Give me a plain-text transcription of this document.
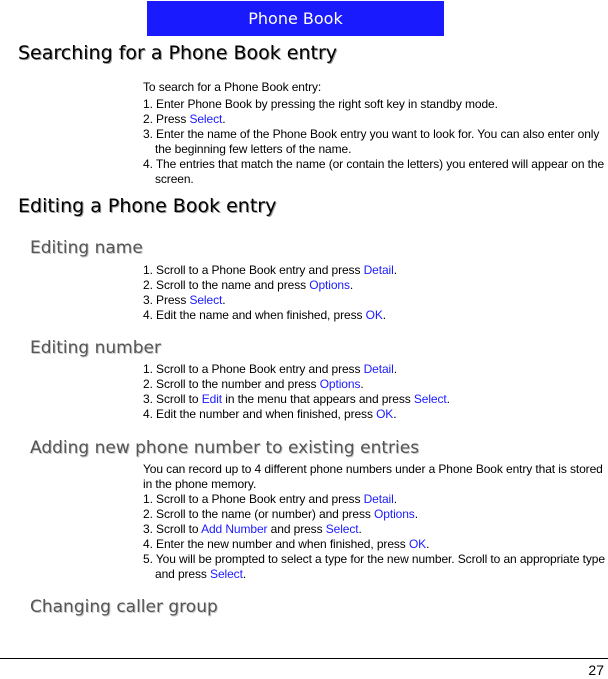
Phone Book
Searching for a Phone Book entry

To search for a Phone Book entry:

1. Enter Phone Book by pressing the right soft key in standby mode.

2. Press Select.

3. Enter the name of the Phone Book entry you want to look for. You can also enter only the beginning few letters of the name.

4. The entries that match the name (or contain the letters) you entered will appear on the screen.

Editing a Phone Book entry
Editing name

1. Scroll to a Phone Book entry and press Detail.

2. Scroll to the name and press Options.

3. Press Select.

4. Edit the name and when finished, press OK.

Editing number

1. Scroll to a Phone Book entry and press Detail.

2. Scroll to the number and press Options.

3. Scroll to Edit in the menu that appears and press Select.

4. Edit the number and when finished, press OK.

Adding new phone number to existing entries

You can record up to 4 different phone numbers under a Phone Book entry that is stored in the phone memory.

1. Scroll to a Phone Book entry and press Detail.

2. Scroll to the name (or number) and press Options.

3. Scroll to Add Number and press Select.

4. Enter the new number and when finished, press OK.

5. You will be prompted to select a type for the new number. Scroll to an appropriate type and press Select.

Changing caller group
27
